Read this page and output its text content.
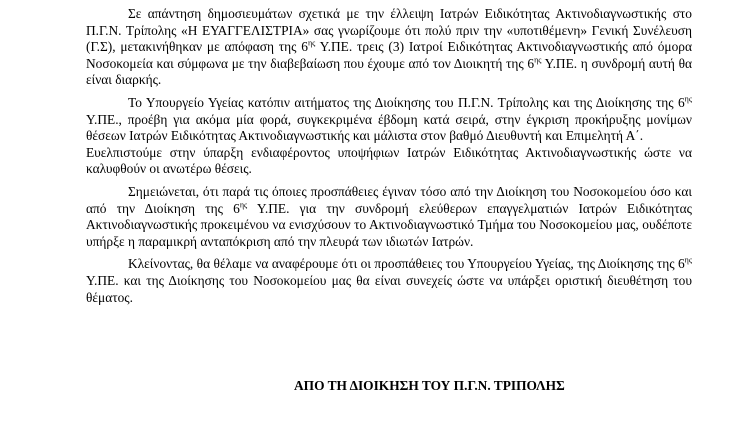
Σε απάντηση δημοσιευμάτων σχετικά με την έλλειψη Ιατρών Ειδικότητας Ακτινοδιαγνωστικής στο Π.Γ.Ν. Τρίπολης «Η ΕΥΑΓΓΕΛΙΣΤΡΙΑ» σας γνωρίζουμε ότι πολύ πριν την «υποτιθέμενη» Γενική Συνέλευση (Γ.Σ), μετακινήθηκαν με απόφαση της $6^{\eta\varsigma}$ Υ.ΠΕ. τρεις (3) Ιατροί Ειδικότητας Ακτινοδιαγνωστικής από όμορα Νοσοκομεία και σύμφωνα με την διαβεβαίωση που έχουμε από τον Διοικητή της $6^{\eta\varsigma}$ Υ.ΠΕ. η συνδρομή αυτή θα είναι διαρκής.

Το Υπουργείο Υγείας κατόπιν αιτήματος της Διοίκησης του Π.Γ.Ν. Τρίπολης και της Διοίκησης της $6^{\eta\varsigma}$ Υ.ΠΕ., προέβη για ακόμα μία φορά, συγκεκριμένα έβδομη κατά σειρά, στην έγκριση προκήρυξης μονίμων θέσεων Ιατρών Ειδικότητας Ακτινοδιαγνωστικής και μάλιστα στον βαθμό Διευθυντή και Επιμελητή Α΄.

Ευελπιστούμε στην ύπαρξη ενδιαφέροντος υποψήφιων Ιατρών Ειδικότητας Ακτινοδιαγνωστικής ώστε να καλυφθούν οι ανωτέρω θέσεις.

Σημειώνεται, ότι παρά τις όποιες προσπάθειες έγιναν τόσο από την Διοίκηση του Νοσοκομείου όσο και από την Διοίκηση της $6^{\eta\varsigma}$ Υ.ΠΕ. για την συνδρομή ελεύθερων επαγγελματιών Ιατρών Ειδικότητας Ακτινοδιαγνωστικής προκειμένου να ενισχύσουν το Ακτινοδιαγνωστικό Τμήμα του Νοσοκομείου μας, ουδέποτε υπήρξε η παραμικρή ανταπόκριση από την πλευρά των ιδιωτών Ιατρών.

Κλείνοντας, θα θέλαμε να αναφέρουμε ότι οι προσπάθειες του Υπουργείου Υγείας, της Διοίκησης της $6^{\eta\varsigma}$ Υ.ΠΕ. και της Διοίκησης του Νοσοκομείου μας θα είναι συνεχείς ώστε να υπάρξει οριστική διευθέτηση του θέματος.

ΑΠΟ ΤΗ ΔΙΟΙΚΗΣΗ ΤΟΥ Π.Γ.Ν. ΤΡΙΠΟΛΗΣ
